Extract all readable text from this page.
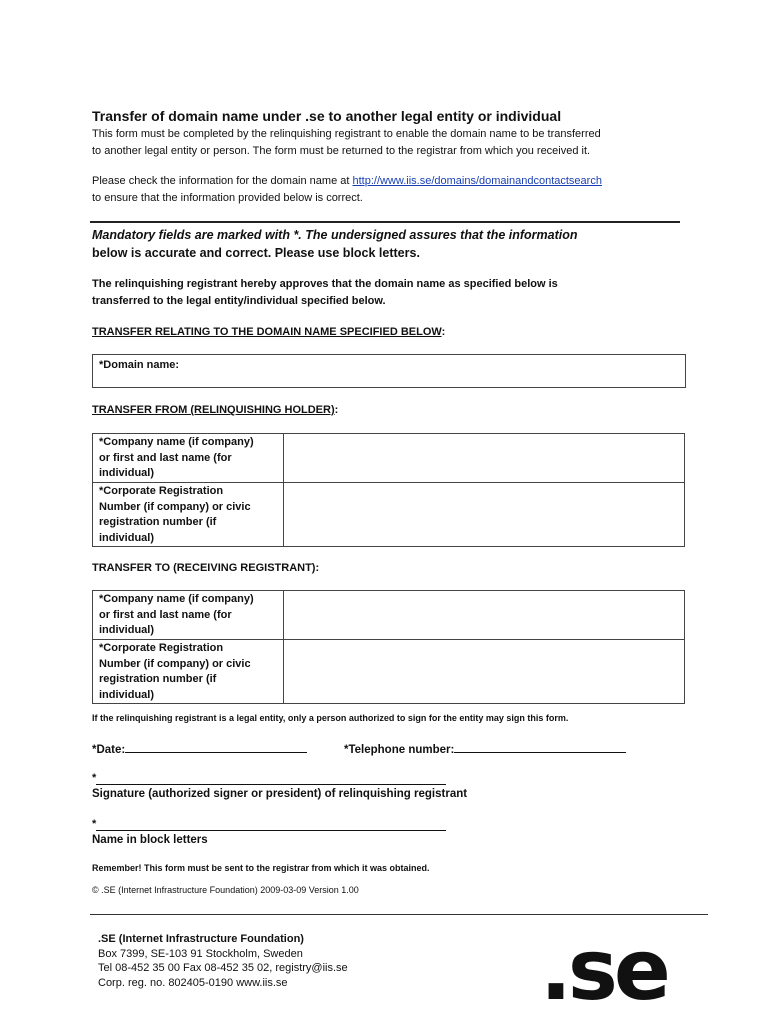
Transfer of domain name under .se to another legal entity or individual
This form must be completed by the relinquishing registrant to enable the domain name to be transferred
to another legal entity or person. The form must be returned to the registrar from which you received it.
Please check the information for the domain name at http://www.iis.se/domains/domainandcontactsearch
to ensure that the information provided below is correct.
Mandatory fields are marked with *. The undersigned assures that the information
below is accurate and correct. Please use block letters.
The relinquishing registrant hereby approves that the domain name as specified below is
transferred to the legal entity/individual specified below.
TRANSFER RELATING TO THE DOMAIN NAME SPECIFIED BELOW:
*Domain name:
TRANSFER FROM (RELINQUISHING HOLDER):
*Company name (if company)
or first and last name (for
individual)	

*Corporate Registration
Number (if company) or civic
registration number (if
individual)	

TRANSFER TO (RECEIVING REGISTRANT):
*Company name (if company)
or first and last name (for
individual)	

*Corporate Registration
Number (if company) or civic
registration number (if
individual)	

If the relinquishing registrant is a legal entity, only a person authorized to sign for the entity may sign this form.
*Date:	*Telephone number:
*
Signature (authorized signer or president) of relinquishing registrant
*
Name in block letters
Remember! This form must be sent to the registrar from which it was obtained.
© .SE (Internet Infrastructure Foundation) 2009-03-09 Version 1.00
.SE (Internet Infrastructure Foundation)
Box 7399, SE-103 91 Stockholm, Sweden
Tel 08-452 35 00 Fax 08-452 35 02, registry@iis.se
Corp. reg. no. 802405-0190 www.iis.se	.se
